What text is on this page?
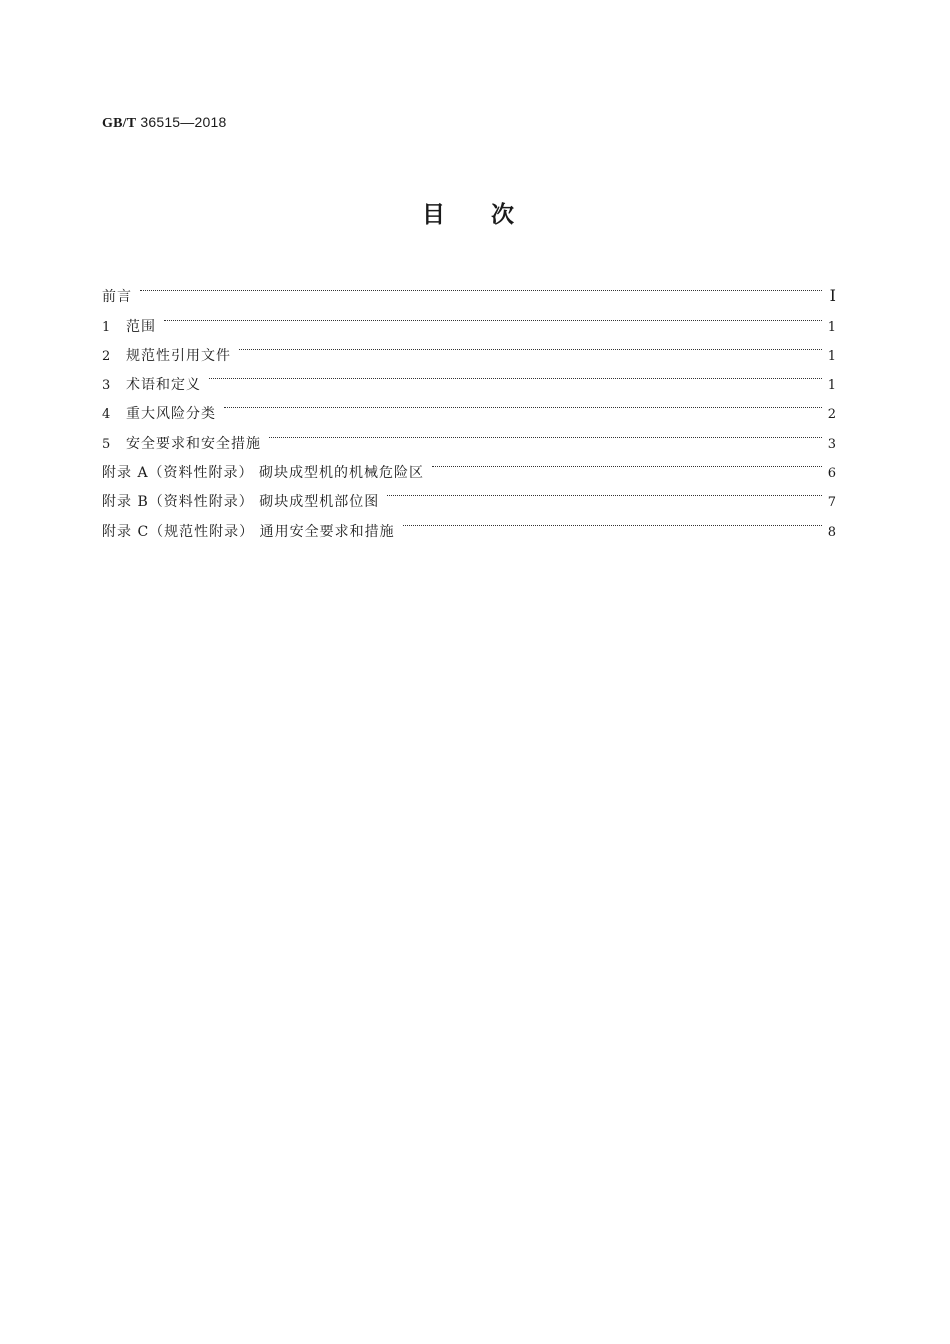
GB/T 36515—2018
目 次
前言	Ⅰ
1	范围	1
2	规范性引用文件	1
3	术语和定义	1
4	重大风险分类	2
5	安全要求和安全措施	3
附录 A（资料性附录） 砌块成型机的机械危险区	6
附录 B（资料性附录） 砌块成型机部位图	7
附录 C（规范性附录） 通用安全要求和措施	8
